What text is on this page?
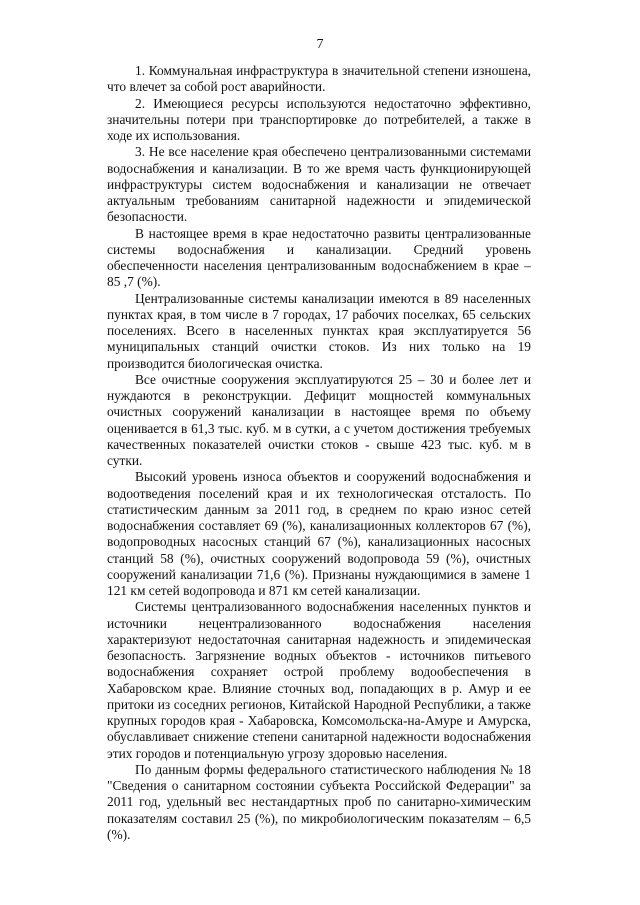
7

1. Коммунальная инфраструктура в значительной степени изношена, что влечет за собой рост аварийности.

2. Имеющиеся ресурсы используются недостаточно эффективно, значительны потери при транспортировке до потребителей, а также в ходе их использования.

3. Не все население края обеспечено централизованными системами водоснабжения и канализации. В то же время часть функционирующей инфраструктуры систем водоснабжения и канализации не отвечает актуальным требованиям санитарной надежности и эпидемической безопасности.

В настоящее время в крае недостаточно развиты централизованные системы водоснабжения и канализации. Средний уровень обеспеченности населения централизованным водоснабжением в крае – 85 ,7 (%).

Централизованные системы канализации имеются в 89 населенных пунктах края, в том числе в 7 городах, 17 рабочих поселках, 65 сельских поселениях. Всего в населенных пунктах края эксплуатируется 56 муниципальных станций очистки стоков. Из них только на 19 производится биологическая очистка.

Все очистные сооружения эксплуатируются 25 – 30 и более лет и нуждаются в реконструкции. Дефицит мощностей коммунальных очистных сооружений канализации в настоящее время по объему оценивается в 61,3 тыс. куб. м в сутки, а с учетом достижения требуемых качественных показателей очистки стоков - свыше 423 тыс. куб. м в сутки.

Высокий уровень износа объектов и сооружений водоснабжения и водоотведения поселений края и их технологическая отсталость. По статистическим данным за 2011 год, в среднем по краю износ сетей водоснабжения составляет 69 (%), канализационных коллекторов 67 (%), водопроводных насосных станций 67 (%), канализационных насосных станций 58 (%), очистных сооружений водопровода 59 (%), очистных сооружений канализации 71,6 (%). Признаны нуждающимися в замене 1 121 км сетей водопровода и 871 км сетей канализации.

Системы централизованного водоснабжения населенных пунктов и источники нецентрализованного водоснабжения населения характеризуют недостаточная санитарная надежность и эпидемическая безопасность. Загрязнение водных объектов - источников питьевого водоснабжения сохраняет острой проблему водообеспечения в Хабаровском крае. Влияние сточных вод, попадающих в р. Амур и ее притоки из соседних регионов, Китайской Народной Республики, а также крупных городов края - Хабаровска, Комсомольска-на-Амуре и Амурска, обуславливает снижение степени санитарной надежности водоснабжения этих городов и потенциальную угрозу здоровью населения.

По данным формы федерального статистического наблюдения № 18 "Сведения о санитарном состоянии субъекта Российской Федерации" за 2011 год, удельный вес нестандартных проб по санитарно-химическим показателям составил 25 (%), по микробиологическим показателям – 6,5 (%).
